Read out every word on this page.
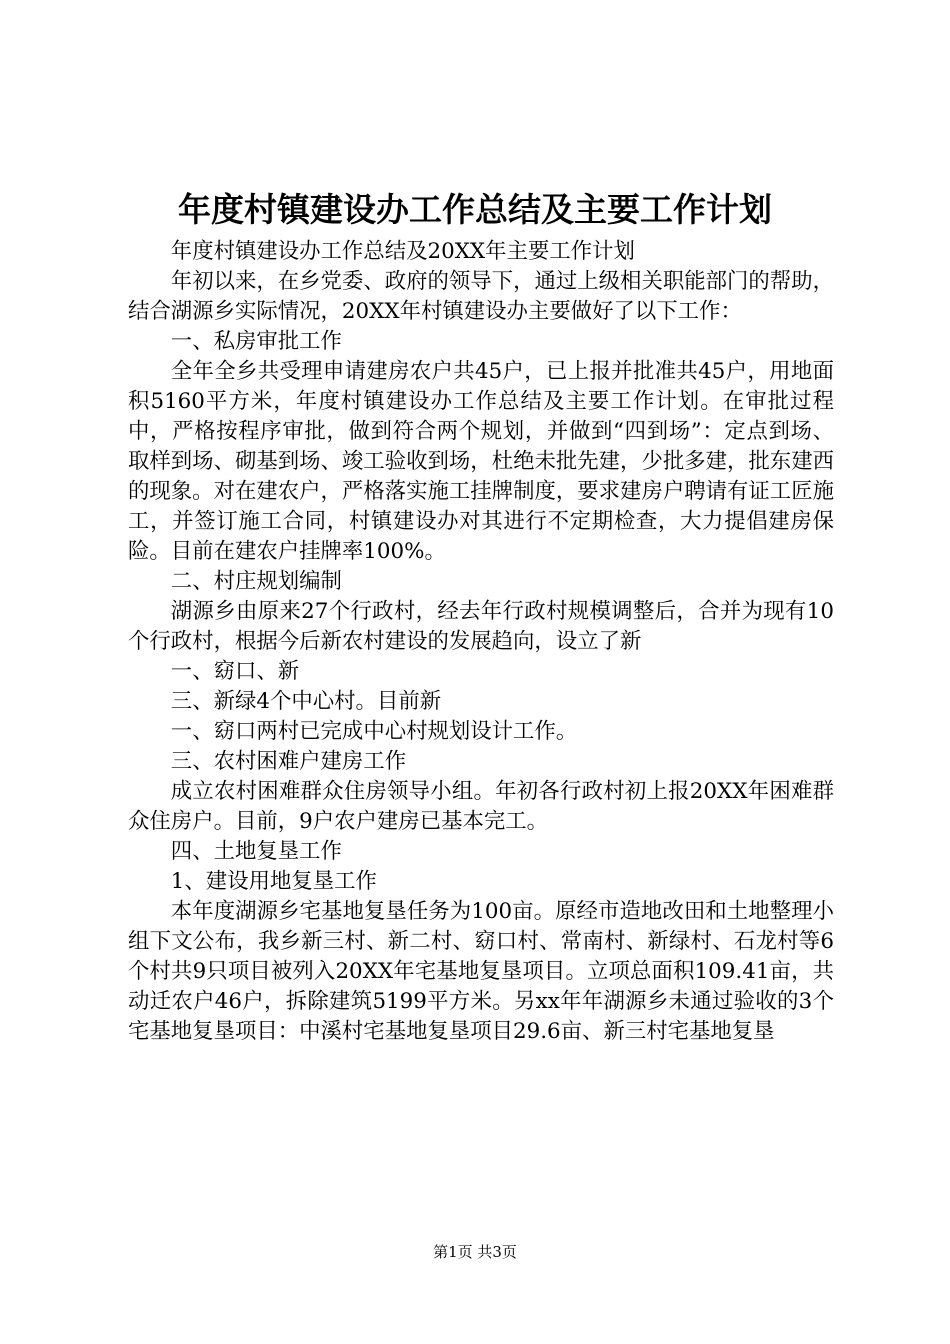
年度村镇建设办工作总结及主要工作计划

年度村镇建设办工作总结及20XX年主要工作计划

年初以来，在乡党委、政府的领导下，通过上级相关职能部门的帮助，结合湖源乡实际情况，20XX年村镇建设办主要做好了以下工作：

一、私房审批工作

全年全乡共受理申请建房农户共45户，已上报并批准共45户，用地面积5160平方米，年度村镇建设办工作总结及主要工作计划。在审批过程中，严格按程序审批，做到符合两个规划，并做到“四到场”：定点到场、取样到场、砌基到场、竣工验收到场，杜绝未批先建，少批多建，批东建西的现象。对在建农户，严格落实施工挂牌制度，要求建房户聘请有证工匠施工，并签订施工合同，村镇建设办对其进行不定期检查，大力提倡建房保险。目前在建农户挂牌率100%。

二、村庄规划编制

湖源乡由原来27个行政村，经去年行政村规模调整后，合并为现有10个行政村，根据今后新农村建设的发展趋向，设立了新

一、窈口、新

三、新绿4个中心村。目前新

一、窈口两村已完成中心村规划设计工作。

三、农村困难户建房工作

成立农村困难群众住房领导小组。年初各行政村初上报20XX年困难群众住房户。目前，9户农户建房已基本完工。

四、土地复垦工作

1、建设用地复垦工作

本年度湖源乡宅基地复垦任务为100亩。原经市造地改田和土地整理小组下文公布，我乡新三村、新二村、窈口村、常南村、新绿村、石龙村等6个村共9只项目被列入20XX年宅基地复垦项目。立项总面积109.41亩，共动迁农户46户，拆除建筑5199平方米。另xx年年湖源乡未通过验收的3个宅基地复垦项目：中溪村宅基地复垦项目29.6亩、新三村宅基地复垦

第1页 共3页
